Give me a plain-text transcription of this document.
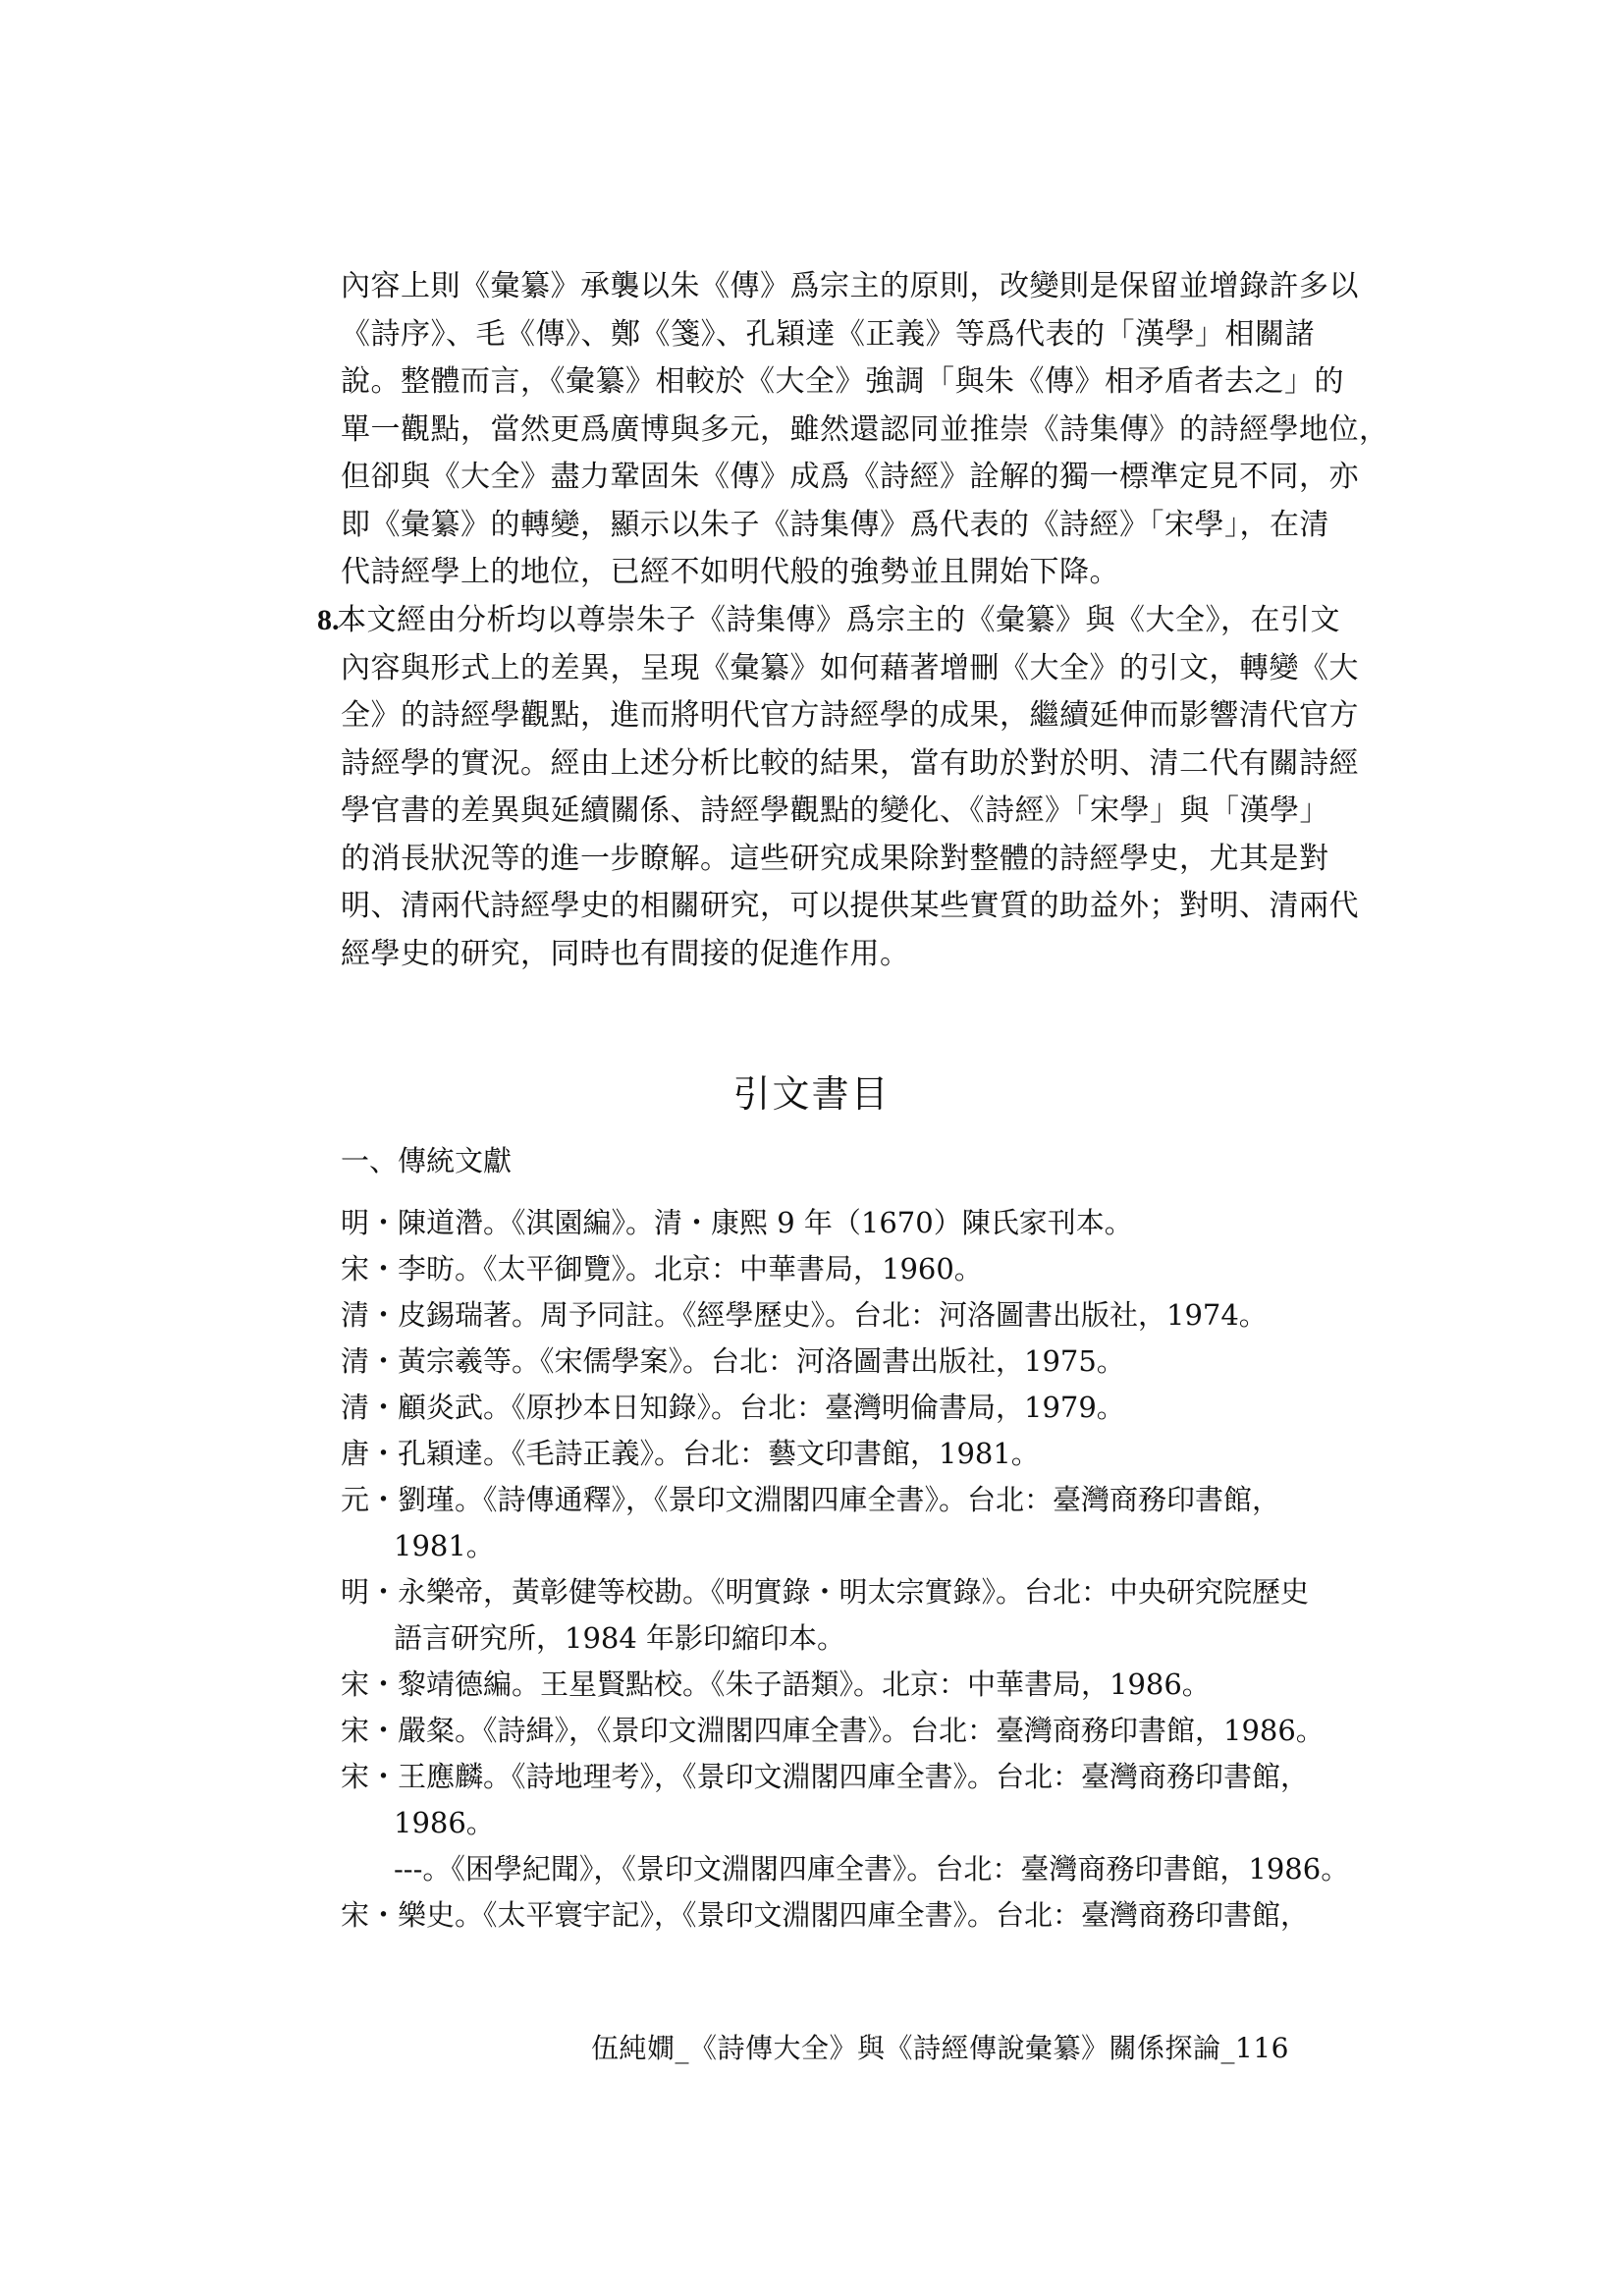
內容上則《彙纂》承襲以朱《傳》爲宗主的原則，改變則是保留並增錄許多以
《詩序》、毛《傳》、鄭《箋》、孔穎達《正義》等爲代表的「漢學」相關諸
說。整體而言，《彙纂》相較於《大全》強調「與朱《傳》相矛盾者去之」的
單一觀點，當然更爲廣博與多元，雖然還認同並推崇《詩集傳》的詩經學地位，
但卻與《大全》盡力鞏固朱《傳》成爲《詩經》詮解的獨一標準定見不同，亦
即《彙纂》的轉變，顯示以朱子《詩集傳》爲代表的《詩經》「宋學」，在清
代詩經學上的地位，已經不如明代般的強勢並且開始下降。
8.
本文經由分析均以尊崇朱子《詩集傳》爲宗主的《彙纂》與《大全》，在引文
內容與形式上的差異，呈現《彙纂》如何藉著增刪《大全》的引文，轉變《大
全》的詩經學觀點，進而將明代官方詩經學的成果，繼續延伸而影響清代官方
詩經學的實況。經由上述分析比較的結果，當有助於對於明、清二代有關詩經
學官書的差異與延續關係、詩經學觀點的變化、《詩經》「宋學」與「漢學」
的消長狀況等的進一步瞭解。這些研究成果除對整體的詩經學史，尤其是對
明、清兩代詩經學史的相關研究，可以提供某些實質的助益外；對明、清兩代
經學史的研究，同時也有間接的促進作用。
引文書目
一、傳統文獻
明・陳道濳。《淇園編》。清・康熙 9 年（1670）陳氏家刊本。
宋・李昉。《太平御覽》。北京：中華書局，1960。
清・皮錫瑞著。周予同註。《經學歷史》。台北：河洛圖書出版社，1974。
清・黃宗羲等。《宋儒學案》。台北：河洛圖書出版社，1975。
清・顧炎武。《原抄本日知錄》。台北：臺灣明倫書局，1979。
唐・孔穎達。《毛詩正義》。台北：藝文印書館，1981。
元・劉瑾。《詩傳通釋》，《景印文淵閣四庫全書》。台北：臺灣商務印書館，
1981。
明・永樂帝，黃彰健等校勘。《明實錄・明太宗實錄》。台北：中央研究院歷史
語言研究所，1984 年影印縮印本。
宋・黎靖德編。王星賢點校。《朱子語類》。北京：中華書局，1986。
宋・嚴粲。《詩緝》，《景印文淵閣四庫全書》。台北：臺灣商務印書館，1986。
宋・王應麟。《詩地理考》，《景印文淵閣四庫全書》。台北：臺灣商務印書館，
1986。
---。《困學紀聞》，《景印文淵閣四庫全書》。台北：臺灣商務印書館，1986。
宋・樂史。《太平寰宇記》，《景印文淵閣四庫全書》。台北：臺灣商務印書館，
伍純嫺_《詩傳大全》與《詩經傳說彙纂》關係探論_116
